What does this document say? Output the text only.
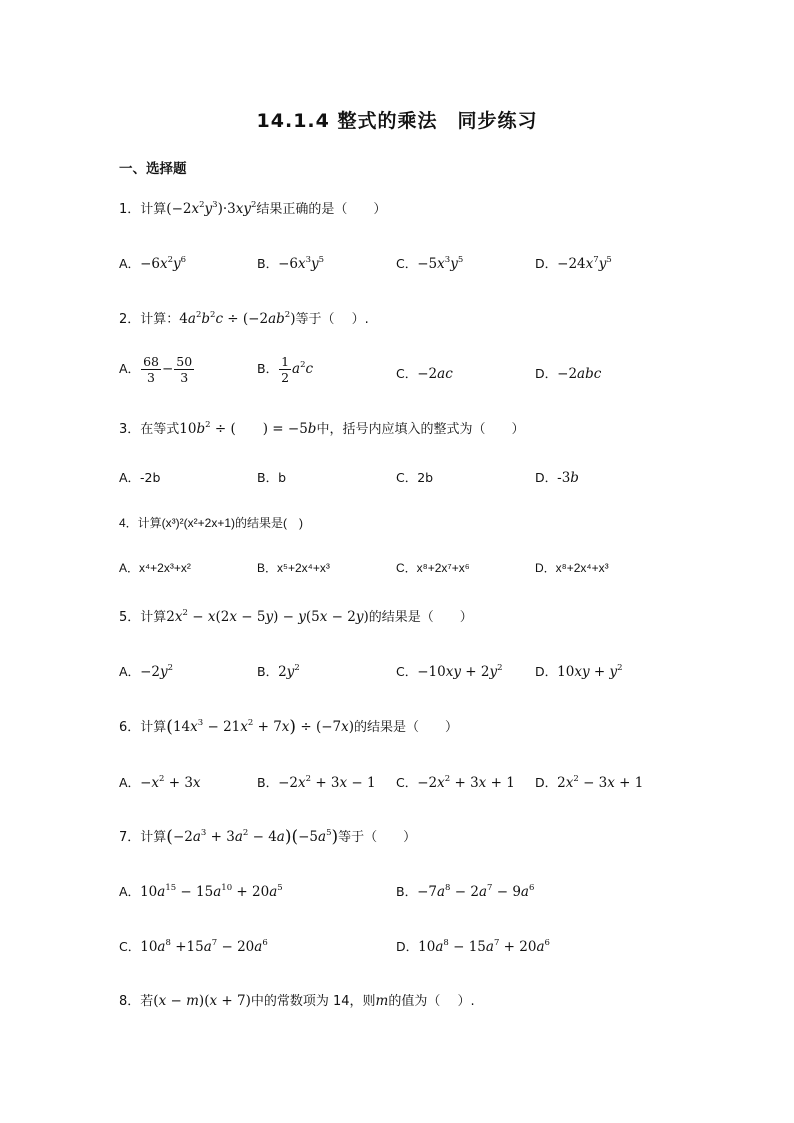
14.1.4 整式的乘法　同步练习
一、选择题
1．计算$(-2x^2y^3)\cdot 3xy^2$结果正确的是（　　）
A．$-6x^2y^6$	B．$-6x^3y^5$	C．$-5x^3y^5$	D．$-24x^7y^5$
2．计算：$4a^2b^2c \div (-2ab^2)$等于（　 ）.
A． $\frac{68}{3} - \frac{50}{3}$	B． $\frac{1}{2} a^2c$	C．−2ac	D．−2abc
3．在等式$10b^2$ ÷ (　　) = −5b中，括号内应填入的整式为（　　）
A．-2b	B．b	C．2b	D．-3b
4．计算(x³)²(x²+2x+1)的结果是(　)
A．x⁴+2x³+x²	B．x⁵+2x⁴+x³	C．x⁸+2x⁷+x⁶	D．x⁸+2x⁴+x³
5．计算$2x^2 - x(2x - 5y) - y(5x - 2y)$的结果是（　　）
A．$-2y^2$	B．$2y^2$	C．$-10xy + 2y^2$	D．$10xy + y^2$
6．计算$(14x^3 - 21x^2 + 7x) \div (-7x)$的结果是（　　）
A．$-x^2 + 3x$	B．$-2x^2 + 3x - 1$ C．$-2x^2 + 3x + 1$ D．$2x^2 - 3x + 1$
7．计算$(-2a^3 + 3a^2 - 4a)(-5a^5)$等于（　　）
A．$10a^{15} - 15a^{10} + 20a^5$	B．$-7a^8 - 2a^7 - 9a^6$
C．$10a^8 +15a^7 - 20a^6$	D．$10a^8 - 15a^7 + 20a^6$
8．若(x − m)(x + 7)中的常数项为 14，则m的值为（　 ）.
